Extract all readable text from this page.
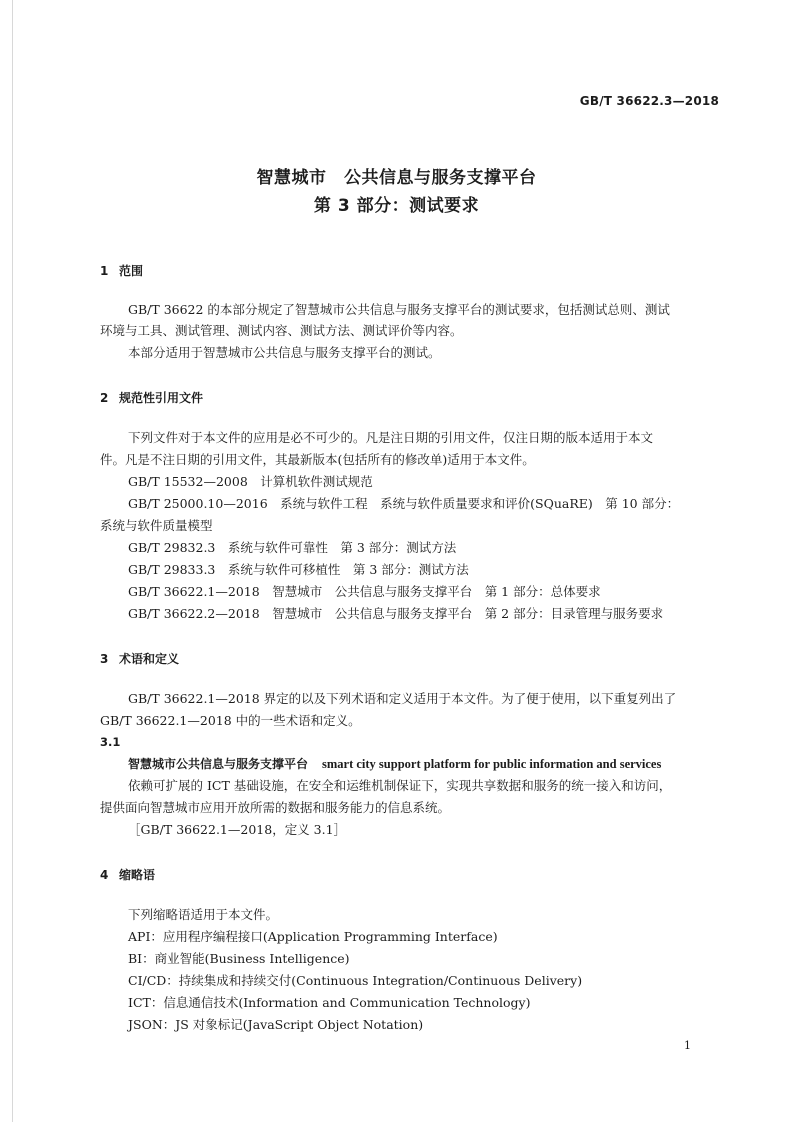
GB/T 36622.3—2018
智慧城市　公共信息与服务支撑平台
第 3 部分：测试要求
1 范围
GB/T 36622 的本部分规定了智慧城市公共信息与服务支撑平台的测试要求，包括测试总则、测试
环境与工具、测试管理、测试内容、测试方法、测试评价等内容。
本部分适用于智慧城市公共信息与服务支撑平台的测试。
2 规范性引用文件
下列文件对于本文件的应用是必不可少的。凡是注日期的引用文件，仅注日期的版本适用于本文
件。凡是不注日期的引用文件，其最新版本(包括所有的修改单)适用于本文件。
GB/T 15532—2008　计算机软件测试规范
GB/T 25000.10—2016　系统与软件工程　系统与软件质量要求和评价(SQuaRE)　第 10 部分：
系统与软件质量模型
GB/T 29832.3　系统与软件可靠性　第 3 部分：测试方法
GB/T 29833.3　系统与软件可移植性　第 3 部分：测试方法
GB/T 36622.1—2018　智慧城市　公共信息与服务支撑平台　第 1 部分：总体要求
GB/T 36622.2—2018　智慧城市　公共信息与服务支撑平台　第 2 部分：目录管理与服务要求
3 术语和定义
GB/T 36622.1—2018 界定的以及下列术语和定义适用于本文件。为了便于使用，以下重复列出了
GB/T 36622.1—2018 中的一些术语和定义。
3.1
智慧城市公共信息与服务支撑平台 smart city support platform for public information and services
依赖可扩展的 ICT 基础设施，在安全和运维机制保证下，实现共享数据和服务的统一接入和访问，
提供面向智慧城市应用开放所需的数据和服务能力的信息系统。
［GB/T 36622.1—2018，定义 3.1］
4 缩略语
下列缩略语适用于本文件。
API：应用程序编程接口(Application Programming Interface)
BI：商业智能(Business Intelligence)
CI/CD：持续集成和持续交付(Continuous Integration/Continuous Delivery)
ICT：信息通信技术(Information and Communication Technology)
JSON：JS 对象标记(JavaScript Object Notation)
1
